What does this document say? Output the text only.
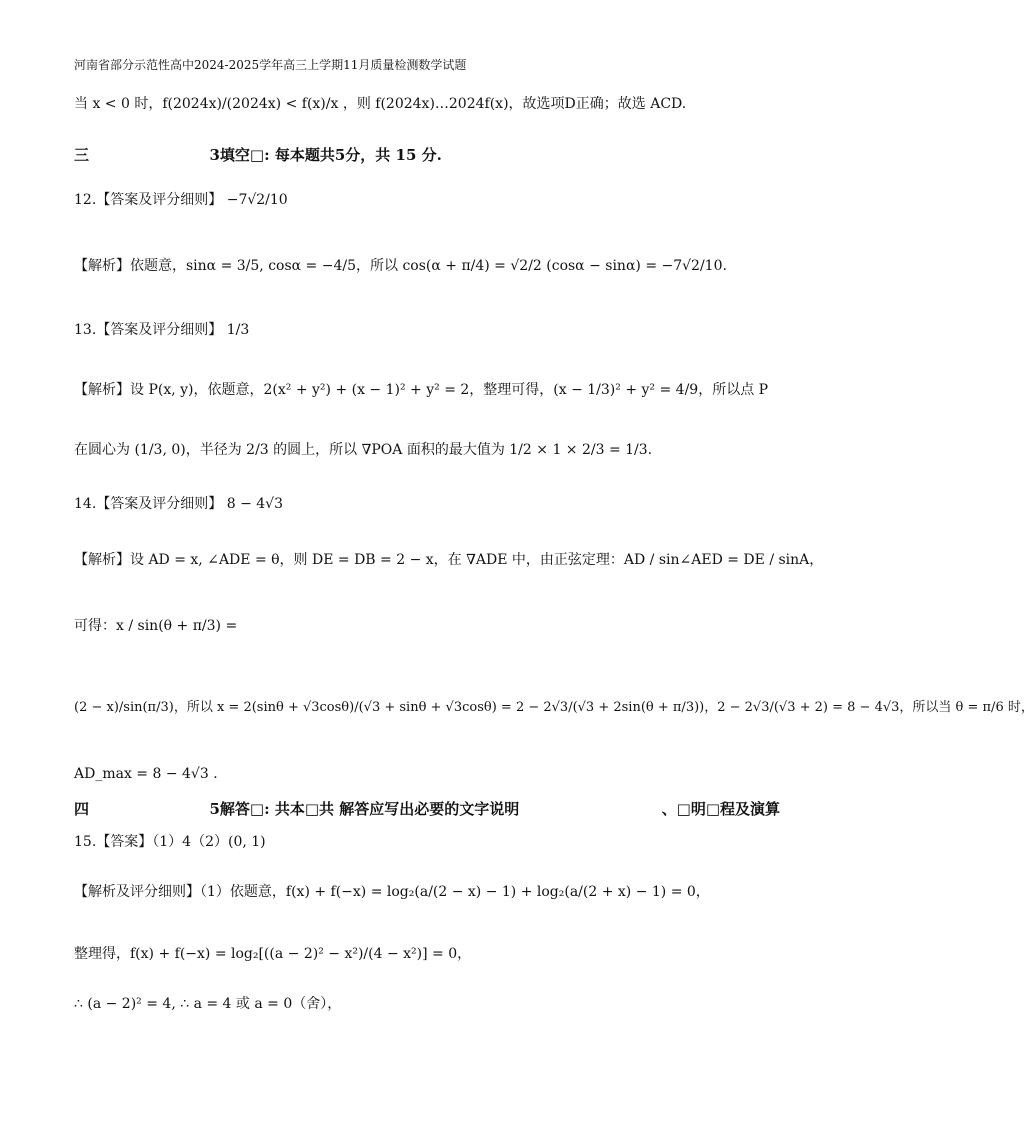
河南省部分示范性高中2024-2025学年高三上学期11月质量检测数学试题
当 x < 0 时，f(2024x)/(2024x) < f(x)/x ，则 f(2024x)…2024f(x)，故选项D正确；故选 ACD.
三	3填空□: 每本题共5分，共 15 分.
12.【答案及评分细则】 −7√2/10
【解析】依题意，sinα = 3/5, cosα = −4/5，所以 cos(α + π/4) = √2/2 (cosα − sinα) = −7√2/10.
13.【答案及评分细则】 1/3
【解析】设 P(x, y)，依题意，2(x² + y²) + (x − 1)² + y² = 2，整理可得，(x − 1/3)² + y² = 4/9，所以点 P
在圆心为 (1/3, 0)，半径为 2/3 的圆上，所以 ∇POA 面积的最大值为 1/2 × 1 × 2/3 = 1/3.
14.【答案及评分细则】 8 − 4√3
【解析】设 AD = x, ∠ADE = θ，则 DE = DB = 2 − x，在 ∇ADE 中，由正弦定理：AD / sin∠AED = DE / sinA，
可得：x / sin(θ + π/3) =
(2 − x)/sin(π/3)，所以 x = 2(sinθ + √3cosθ)/(√3 + sinθ + √3cosθ) = 2 − 2√3/(√3 + 2sin(θ + π/3))，2 − 2√3/(√3 + 2) = 8 − 4√3，所以当 θ = π/6 时，
AD_max = 8 − 4√3 .
四	5解答□: 共本□共 解答应写出必要的文字说明	、□明□程及演算
15.【答案】（1）4（2）(0, 1)
【解析及评分细则】（1）依题意，f(x) + f(−x) = log₂(a/(2 − x) − 1) + log₂(a/(2 + x) − 1) = 0，
整理得，f(x) + f(−x) = log₂[((a − 2)² − x²)/(4 − x²)] = 0，
∴ (a − 2)² = 4, ∴ a = 4 或 a = 0（舍），
